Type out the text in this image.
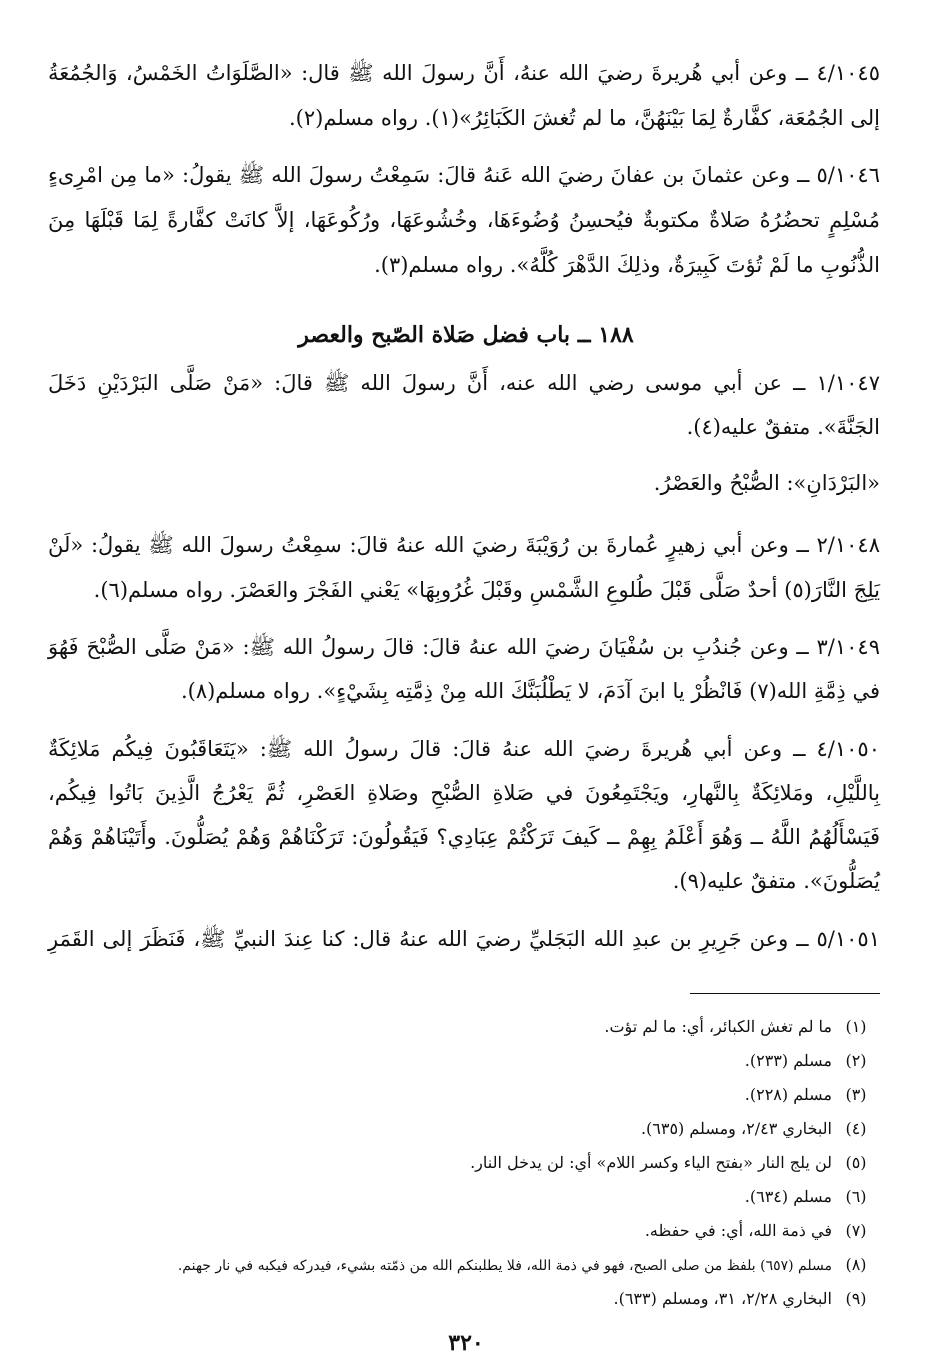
٤/١٠٤٥ ــ وعن أبي هُريرةَ رضيَ الله عنهُ، أَنَّ رسولَ الله ﷺ قال: «الصَّلَوَاتُ الخَمْسُ، وَالجُمُعَةُ
إلى الجُمُعَة، كفَّارةٌ لِمَا بَيْنَهُنَّ، ما لم تُغشَ الكَبَائِرُ»(١). رواه مسلم(٢).
٥/١٠٤٦ ــ وعن عثمانَ بن عفانَ رضيَ الله عَنهُ قالَ: سَمِعْتُ رسولَ الله ﷺ يقولُ: «ما مِن امْرِىءٍ
مُسْلِمٍ تحضُرُهُ صَلاةٌ مكتوبةٌ فيُحسِنُ وُضُوءَهَا، وخُشُوعَهَا، ورُكُوعَهَا، إلاَّ كانَتْ كفَّارةً لِمَا قَبْلَهَا مِنَ
الذُّنُوبِ ما لَمْ تُؤتَ كَبِيرَةٌ، وذلِكَ الدَّهْرَ كُلَّهُ». رواه مسلم(٣).
١٨٨ ــ باب فضل صَلاة الصّبح والعصر
١/١٠٤٧ ــ عن أبي موسى رضي الله عنه، أَنَّ رسولَ الله ﷺ قالَ: «مَنْ صَلَّى البَرْدَيْنِ دَخَلَ
الجَنَّةَ». متفقٌ عليه(٤).
«البَرْدَانِ»: الصُّبْحُ والعَصْرُ.
٢/١٠٤٨ ــ وعن أبي زهيرٍ عُمارةَ بن رُوَيْبَةَ رضيَ الله عنهُ قالَ: سمِعْتُ رسولَ الله ﷺ يقولُ: «لَنْ
يَلِجَ النَّارَ(٥) أحدٌ صَلَّى قَبْلَ طُلوعِ الشَّمْسِ وقَبْلَ غُرُوبِهَا» يَعْني الفَجْرَ والعَصْرَ. رواه مسلم(٦).
٣/١٠٤٩ ــ وعن جُندُبِ بن سُفْيَانَ رضيَ الله عنهُ قالَ: قالَ رسولُ الله ﷺ: «مَنْ صَلَّى الصُّبْحَ فَهُوَ
في ذِمَّةِ الله(٧) فَانْظُرْ يا ابنَ آدَمَ، لا يَطْلُبَنَّكَ الله مِنْ ذِمَّتِه بِشَيْءٍ». رواه مسلم(٨).
٤/١٠٥٠ ــ وعن أبي هُريرةَ رضيَ الله عنهُ قالَ: قالَ رسولُ الله ﷺ: «يَتَعَاقَبُونَ فِيكُم مَلائِكَةٌ
بِاللَّيْلِ، ومَلائِكَةٌ بِالنَّهارِ، ويَجْتَمِعُونَ في صَلاةِ الصُّبْحِ وصَلاةِ العَصْرِ، ثُمَّ يَعْرُجُ الَّذِينَ بَاتُوا فِيكُم،
فَيَسْأَلُهُمُ اللَّهُ ــ وَهُوَ أَعْلَمُ بِهِمْ ــ كَيفَ تَرَكْتُمْ عِبَادِي؟ فَيَقُولُونَ: تَرَكْنَاهُمْ وَهُمْ يُصَلُّونَ. وأَتَيْنَاهُمْ وَهُمْ
يُصَلُّونَ». متفقٌ عليه(٩).
٥/١٠٥١ ــ وعن جَرِيرِ بن عبدِ الله البَجَليِّ رضيَ الله عنهُ قال: كنا عِندَ النبيِّ ﷺ، فَنَظَرَ إلى القَمَرِ
(١)ما لم تغش الكبائر، أي: ما لم تؤت.
(٢)مسلم (٢٣٣).
(٣)مسلم (٢٢٨).
(٤)البخاري ٢/٤٣، ومسلم (٦٣٥).
(٥)لن يلج النار «بفتح الياء وكسر اللام» أي: لن يدخل النار.
(٦)مسلم (٦٣٤).
(٧)في ذمة الله، أي: في حفظه.
(٨)مسلم (٦٥٧) بلفظ من صلى الصبح، فهو في ذمة الله، فلا يطلبنكم الله من ذمّته بشيء، فيدركه فيكبه في نار جهنم.
(٩)البخاري ٢/٢٨، ٣١، ومسلم (٦٣٣).
٣٢٠
